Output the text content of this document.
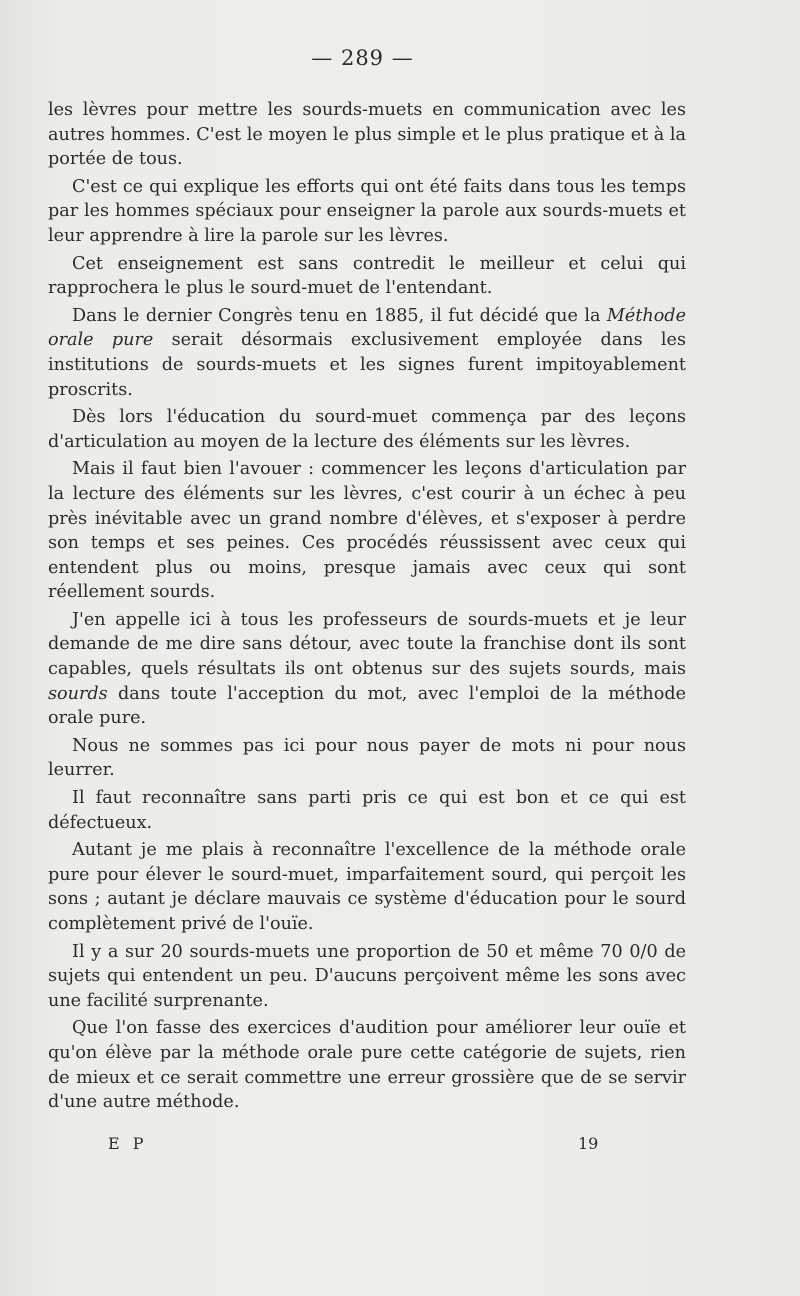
— 289 —

les lèvres pour mettre les sourds-muets en communication avec les autres hommes. C'est le moyen le plus simple et le plus pratique et à la portée de tous.

C'est ce qui explique les efforts qui ont été faits dans tous les temps par les hommes spéciaux pour enseigner la parole aux sourds-muets et leur apprendre à lire la parole sur les lèvres.

Cet enseignement est sans contredit le meilleur et celui qui rapprochera le plus le sourd-muet de l'entendant.

Dans le dernier Congrès tenu en 1885, il fut décidé que la Méthode orale pure serait désormais exclusivement employée dans les institutions de sourds-muets et les signes furent impitoyablement proscrits.

Dès lors l'éducation du sourd-muet commença par des leçons d'articulation au moyen de la lecture des éléments sur les lèvres.

Mais il faut bien l'avouer : commencer les leçons d'articulation par la lecture des éléments sur les lèvres, c'est courir à un échec à peu près inévitable avec un grand nombre d'élèves, et s'exposer à perdre son temps et ses peines. Ces procédés réussissent avec ceux qui entendent plus ou moins, presque jamais avec ceux qui sont réellement sourds.

J'en appelle ici à tous les professeurs de sourds-muets et je leur demande de me dire sans détour, avec toute la franchise dont ils sont capables, quels résultats ils ont obtenus sur des sujets sourds, mais sourds dans toute l'acception du mot, avec l'emploi de la méthode orale pure.

Nous ne sommes pas ici pour nous payer de mots ni pour nous leurrer.

Il faut reconnaître sans parti pris ce qui est bon et ce qui est défectueux.

Autant je me plais à reconnaître l'excellence de la méthode orale pure pour élever le sourd-muet, imparfaitement sourd, qui perçoit les sons ; autant je déclare mauvais ce système d'éducation pour le sourd complètement privé de l'ouïe.

Il y a sur 20 sourds-muets une proportion de 50 et même 70 0/0 de sujets qui entendent un peu. D'aucuns perçoivent même les sons avec une facilité surprenante.

Que l'on fasse des exercices d'audition pour améliorer leur ouïe et qu'on élève par la méthode orale pure cette catégorie de sujets, rien de mieux et ce serait commettre une erreur grossière que de se servir d'une autre méthode.

E P	19
